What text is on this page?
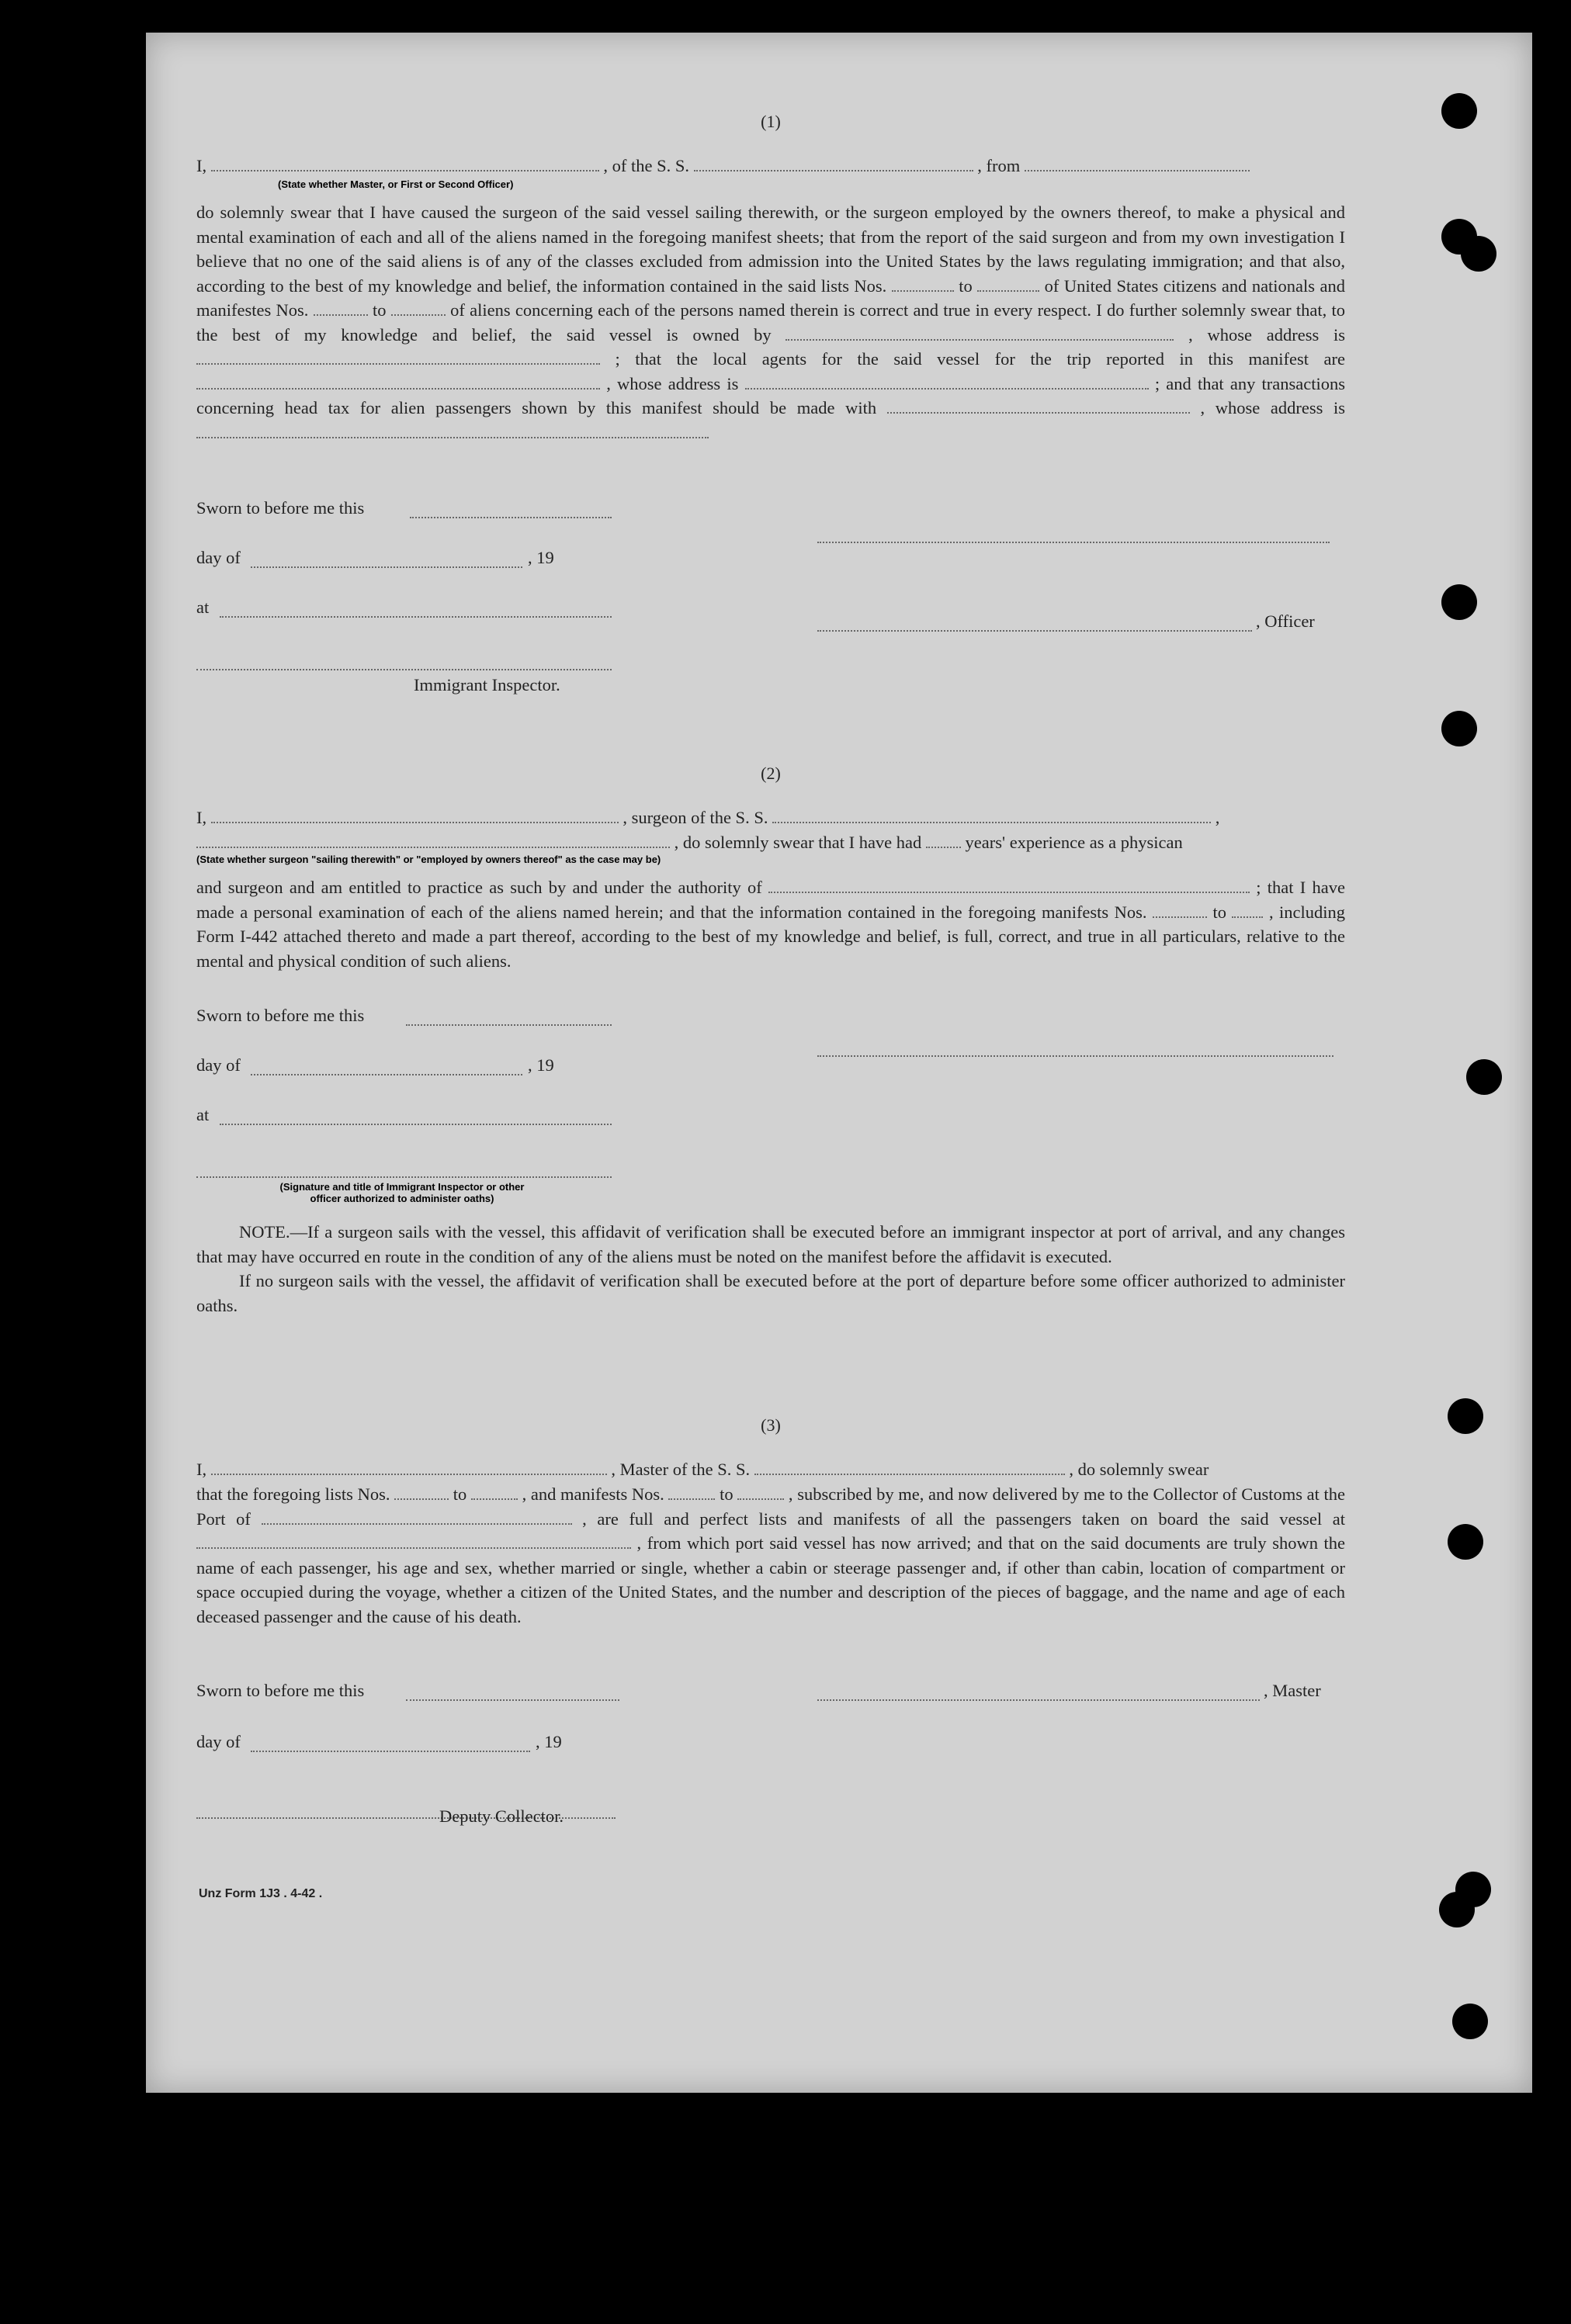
(1)
I,	, of the S. S.	, from
(State whether Master, or First or Second Officer)
do solemnly swear that I have caused the surgeon of the said vessel sailing therewith, or the surgeon employed by the owners thereof, to make a physical and mental examination of each and all of the aliens named in the foregoing manifest sheets; that from the report of the said surgeon and from my own investigation I believe that no one of the said aliens is of any of the classes excluded from admission into the United States by the laws regulating immigration; and that also, according to the best of my knowledge and belief, the information contained in the said lists Nos.	to	of United States citizens and nationals and manifestes Nos.	to	of aliens concerning each of the persons named therein is correct and true in every respect. I do further solemnly swear that, to the best of my knowledge and belief, the said vessel is owned by	, whose address is  ; that the local agents for the said vessel for the trip reported in this manifest are  , whose address is	; and that any transactions concerning head tax for alien passengers shown by this manifest should be made with	, whose address is
Sworn to before me this
day of	, 19
at
, Officer
Immigrant Inspector.
(2)
I,	, surgeon of the S. S.	,
, do solemnly swear that I have had	years' experience as a physican
(State whether surgeon "sailing therewith" or "employed by owners thereof" as the case may be)
and surgeon and am entitled to practice as such by and under the authority of	; that I have made a personal examination of each of the aliens named herein; and that the information contained in the foregoing manifests Nos.	to , including Form I-442 attached thereto and made a part thereof, according to the best of my knowledge and belief, is full, correct, and true in all particulars, relative to the mental and physical condition of such aliens.
Sworn to before me this
day of	, 19
at
(Signature and title of Immigrant Inspector or other
officer authorized to administer oaths)
NOTE.—If a surgeon sails with the vessel, this affidavit of verification shall be executed before an immigrant inspector at port of arrival, and any changes that may have occurred en route in the condition of any of the aliens must be noted on the manifest before the affidavit is executed.
If no surgeon sails with the vessel, the affidavit of verification shall be executed before at the port of departure before some officer authorized to administer oaths.
(3)
I,	, Master of the S. S.	, do solemnly swear
that the foregoing lists Nos.	to	, and manifests Nos.	to	, subscribed by me, and now delivered by me to the Collector of Customs at the Port of	, are full and perfect lists and manifests of all the passengers taken on board the said vessel at  , from which port said vessel has now arrived; and that on the said documents are truly shown the name of each passenger, his age and sex, whether married or single, whether a cabin or steerage passenger and, if other than cabin, location of compartment or space occupied during the voyage, whether a citizen of the United States, and the number and description of the pieces of baggage, and the name and age of each deceased passenger and the cause of his death.
Sworn to before me this	, Master
day of	, 19
Deputy Collector.
Unz Form 1J3 . 4-42 .
